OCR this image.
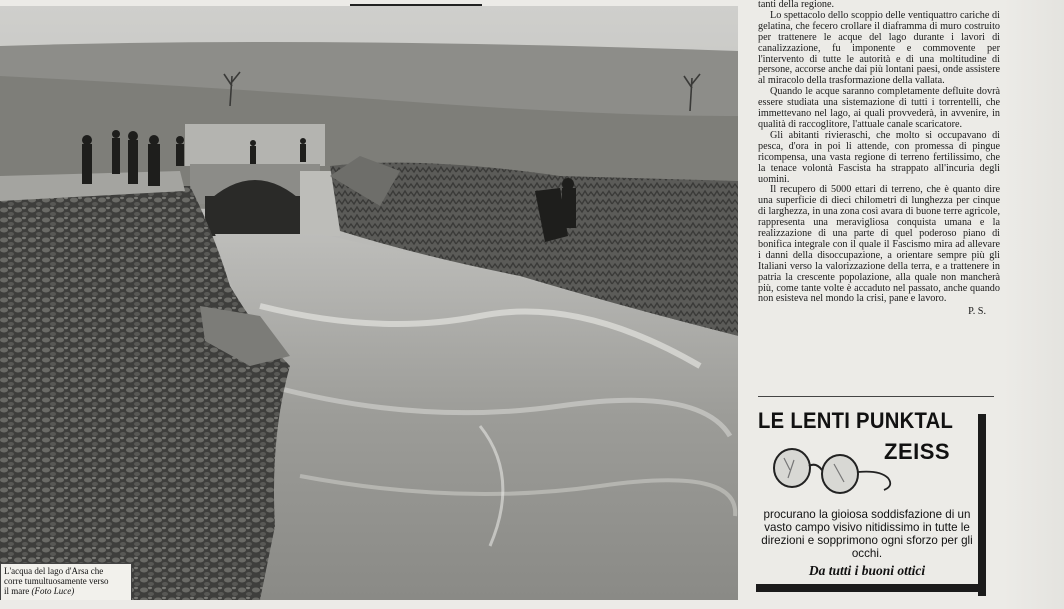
L'acqua del lago d'Arsa che
corre tumultuosamente verso
il mare (Foto Luce)

tanti della regione.

Lo spettacolo dello scoppio delle ventiquattro cariche di gelatina, che fecero crollare il diaframma di muro costruito per trattenere le acque del lago durante i lavori di canalizzazione, fu imponente e commovente per l'intervento di tutte le autorità e di una moltitudine di persone, accorse anche dai più lontani paesi, onde assistere al miracolo della trasformazione della vallata.

Quando le acque saranno completamente defluite dovrà essere studiata una sistemazione di tutti i torrentelli, che immettevano nel lago, ai quali provvederà, in avvenire, in qualità di raccoglitore, l'attuale canale scaricatore.

Gli abitanti rivieraschi, che molto si occupavano di pesca, d'ora in poi li attende, con promessa di pingue ricompensa, una vasta regione di terreno fertilissimo, che la tenace volontà Fascista ha strappato all'incuria degli uomini.

Il recupero di 5000 ettari di terreno, che è quanto dire una superficie di dieci chilometri di lunghezza per cinque di larghezza, in una zona così avara di buone terre agricole, rappresenta una meravigliosa conquista umana e la realizzazione di una parte di quel poderoso piano di bonifica integrale con il quale il Fascismo mira ad allevare i danni della disoccupazione, a orientare sempre più gli Italiani verso la valorizzazione della terra, e a trattenere in patria la crescente popolazione, alla quale non mancherà più, come tante volte è accaduto nel passato, anche quando non esisteva nel mondo la crisi, pane e lavoro.

P. S.

LE LENTI PUNKTAL
ZEISS
procurano la gioiosa soddisfazione di un vasto campo visivo nitidissimo in tutte le direzioni e sopprimono ogni sforzo per gli occhi.
Da tutti i buoni ottici
